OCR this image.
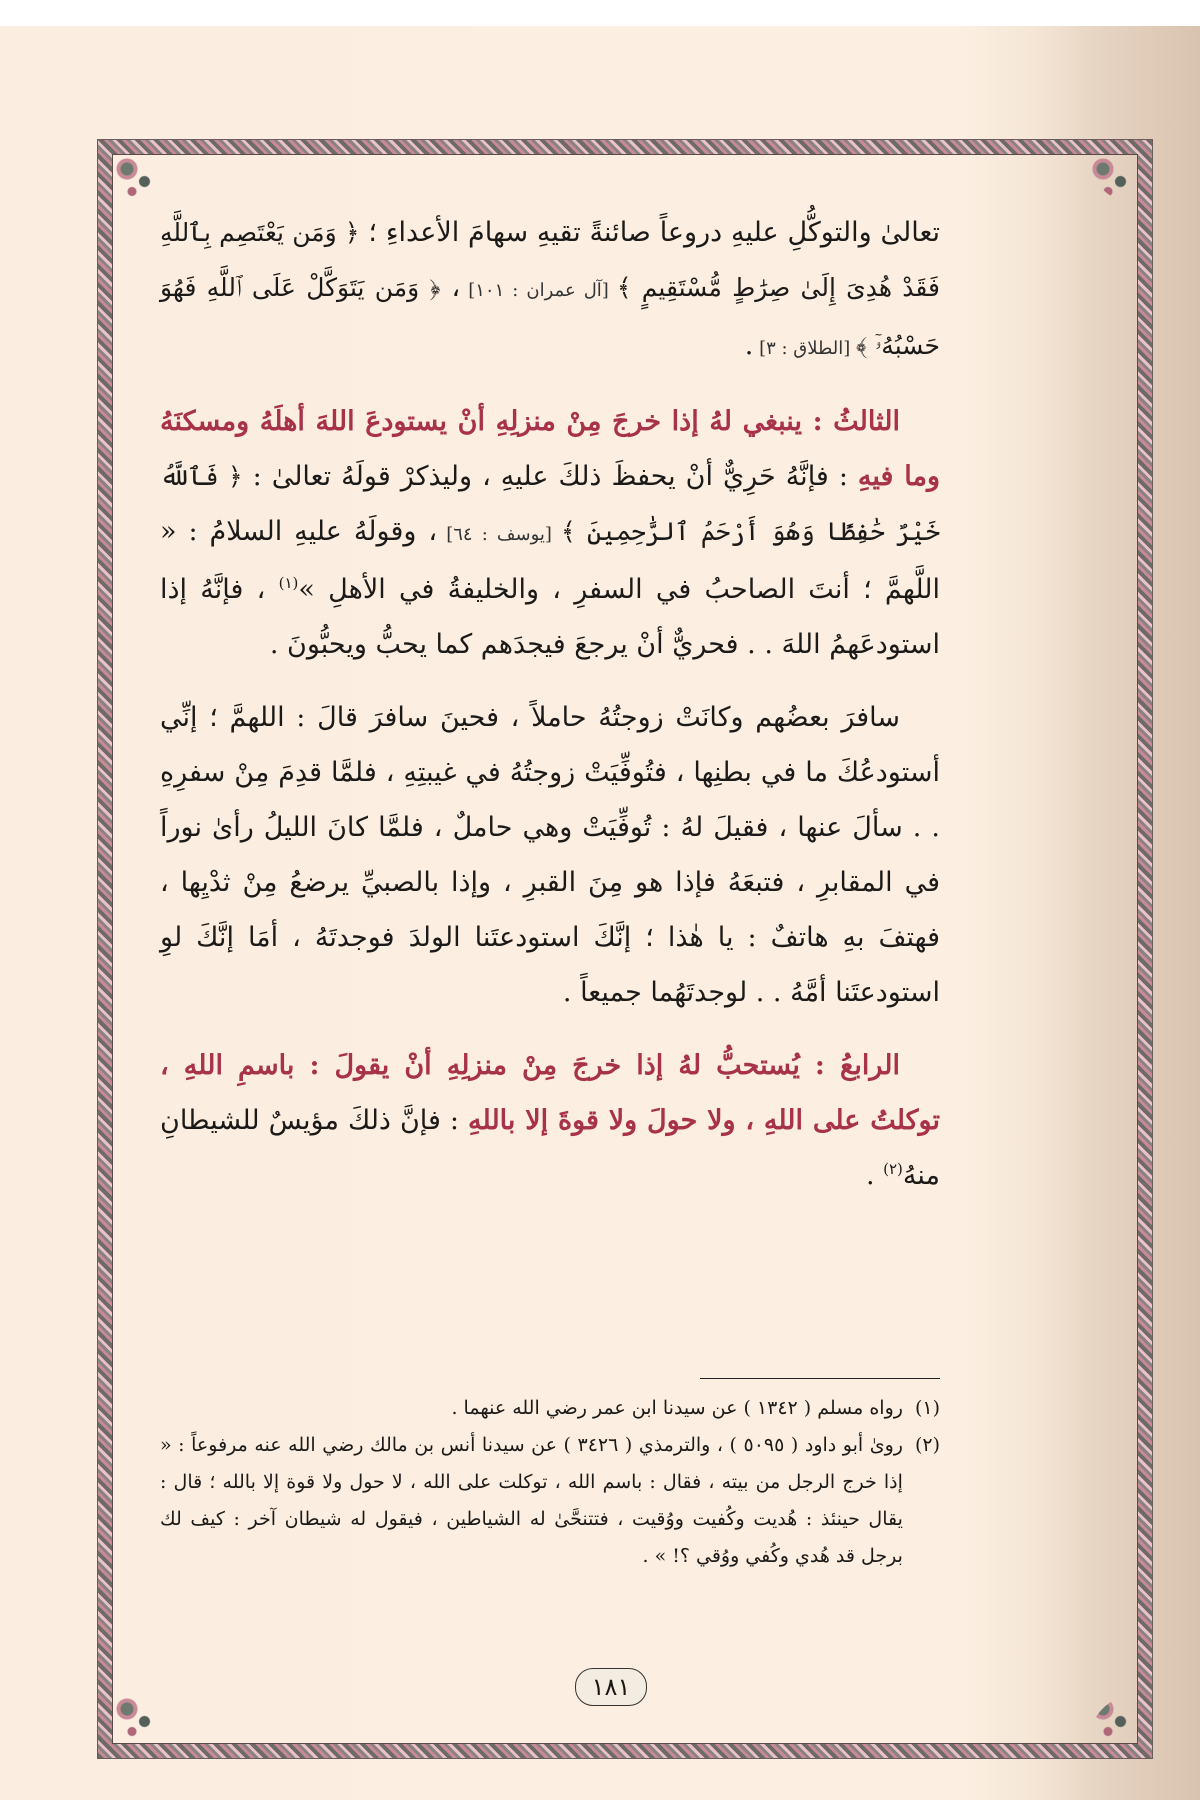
تعالىٰ والتوكُّلِ عليهِ دروعاً صائنةً تقيهِ سهامَ الأعداءِ ؛ ﴿ وَمَن يَعْتَصِم بِٱللَّهِ فَقَدْ هُدِىَ إِلَىٰ صِرَٰطٍ مُّسْتَقِيمٍ ﴾ [آل عمران : ١٠١] ، ﴿ وَمَن يَتَوَكَّلْ عَلَى ٱللَّهِ فَهُوَ حَسْبُهُۥٓ ﴾ [الطلاق : ٣] .

الثالثُ : ينبغي لهُ إذا خرجَ مِنْ منزلِهِ أنْ يستودعَ اللهَ أهلَهُ ومسكنَهُ وما فيهِ : فإنَّهُ حَرِيٌّ أنْ يحفظَ ذلكَ عليهِ ، وليذكرْ قولَهُ تعالىٰ : ﴿ فَٱللَّهُ خَيْرٌ حَٰفِظًا وَهُوَ أَرْحَمُ ٱلرَّٰحِمِينَ ﴾ [يوسف : ٦٤] ، وقولَهُ عليهِ السلامُ : « اللَّهمَّ ؛ أنتَ الصاحبُ في السفرِ ، والخليفةُ في الأهلِ »$^{(١)}$ ، فإنَّهُ إذا استودعَهمُ اللهَ . . فحريٌّ أنْ يرجعَ فيجدَهم كما يحبُّ ويحبُّونَ .

سافرَ بعضُهم وكانَتْ زوجتُهُ حاملاً ، فحينَ سافرَ قالَ : اللهمَّ ؛ إنِّي أستودعُكَ ما في بطنِها ، فتُوفِّيَتْ زوجتُهُ في غيبتِهِ ، فلمَّا قدِمَ مِنْ سفرِهِ . . سألَ عنها ، فقيلَ لهُ : تُوفِّيَتْ وهي حاملٌ ، فلمَّا كانَ الليلُ رأىٰ نوراً في المقابرِ ، فتبعَهُ فإذا هو مِنَ القبرِ ، وإذا بالصبيِّ يرضعُ مِنْ ثدْيِها ، فهتفَ بهِ هاتفٌ : يا هٰذا ؛ إنَّكَ استودعتَنا الولدَ فوجدتَهُ ، أمَا إنَّكَ لوِ استودعتَنا أمَّهُ . . لوجدتَهُما جميعاً .

الرابعُ : يُستحبُّ لهُ إذا خرجَ مِنْ منزلِهِ أنْ يقولَ : باسمِ اللهِ ، توكلتُ على اللهِ ، ولا حولَ ولا قوةَ إلا باللهِ : فإنَّ ذلكَ مؤيسٌ للشيطانِ منهُ$^{(٢)}$ .

(١)
رواه مسلم ( ١٣٤٢ ) عن سيدنا ابن عمر رضي الله عنهما .

(٢)
روىٰ أبو داود ( ٥٠٩٥ ) ، والترمذي ( ٣٤٢٦ ) عن سيدنا أنس بن مالك رضي الله عنه مرفوعاً : « إذا خرج الرجل من بيته ، فقال : باسم الله ، توكلت على الله ، لا حول ولا قوة إلا بالله ؛ قال : يقال حينئذ : هُديت وكُفيت ووُقيت ، فتتنحَّىٰ له الشياطين ، فيقول له شيطان آخر : كيف لك برجل قد هُدي وكُفي ووُقي ؟! » .

١٨١
